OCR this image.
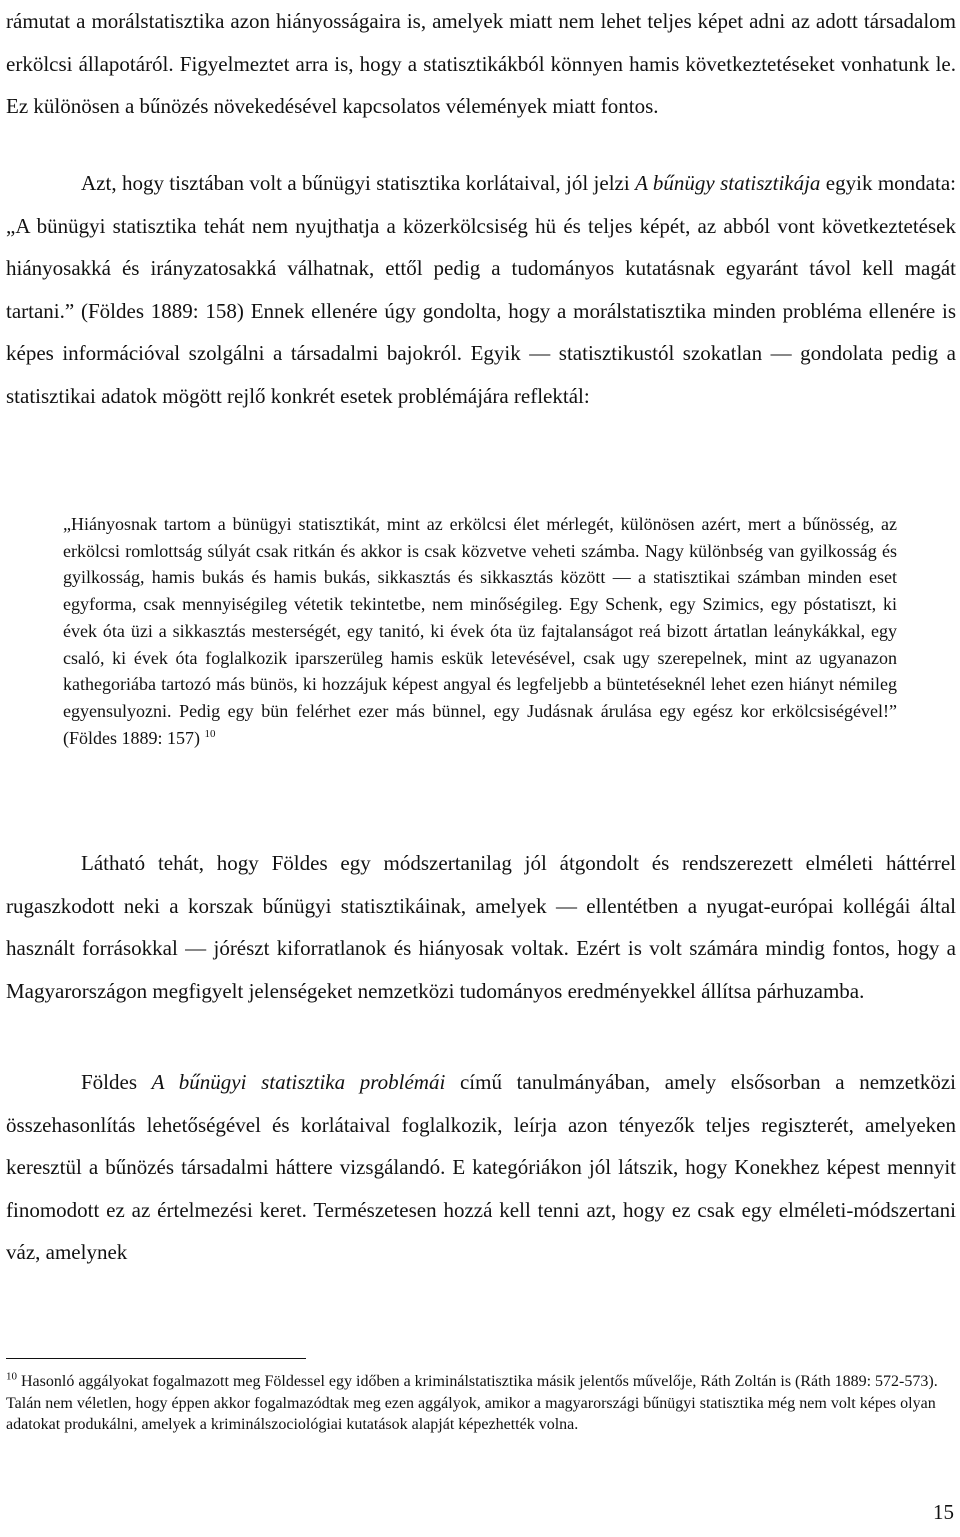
rámutat a morálstatisztika azon hiányosságaira is, amelyek miatt nem lehet teljes képet adni az adott társadalom erkölcsi állapotáról. Figyelmeztet arra is, hogy a statisztikákból könnyen hamis következtetéseket vonhatunk le. Ez különösen a bűnözés növekedésével kapcsolatos vélemények miatt fontos.

Azt, hogy tisztában volt a bűnügyi statisztika korlátaival, jól jelzi A bűnügy statisztikája egyik mondata: „A bünügyi statisztika tehát nem nyujthatja a közerkölcsiség hü és teljes képét, az abból vont következtetések hiányosakká és irányzatosakká válhatnak, ettől pedig a tudományos kutatásnak egyaránt távol kell magát tartani.” (Földes 1889: 158) Ennek ellenére úgy gondolta, hogy a morálstatisztika minden probléma ellenére is képes információval szolgálni a társadalmi bajokról. Egyik — statisztikustól szokatlan — gondolata pedig a statisztikai adatok mögött rejlő konkrét esetek problémájára reflektál:

„Hiányosnak tartom a bünügyi statisztikát, mint az erkölcsi élet mérlegét, különösen azért, mert a bűnösség, az erkölcsi romlottság súlyát csak ritkán és akkor is csak közvetve veheti számba. Nagy különbség van gyilkosság és gyilkosság, hamis bukás és hamis bukás, sikkasztás és sikkasztás között — a statisztikai számban minden eset egyforma, csak mennyiségileg vétetik tekintetbe, nem minőségileg. Egy Schenk, egy Szimics, egy póstatiszt, ki évek óta üzi a sikkasztás mesterségét, egy tanitó, ki évek óta üz fajtalanságot reá bizott ártatlan leánykákkal, egy csaló, ki évek óta foglalkozik iparszerüleg hamis eskük letevésével, csak ugy szerepelnek, mint az ugyanazon kathegoriába tartozó más bünös, ki hozzájuk képest angyal és legfeljebb a büntetéseknél lehet ezen hiányt némileg egyensulyozni. Pedig egy bün felérhet ezer más bünnel, egy Judásnak árulása egy egész kor erkölcsiségével!” (Földes 1889: 157) $^{10}$

Látható tehát, hogy Földes egy módszertanilag jól átgondolt és rendszerezett elméleti háttérrel rugaszkodott neki a korszak bűnügyi statisztikáinak, amelyek — ellentétben a nyugat-európai kollégái által használt forrásokkal — jórészt kiforratlanok és hiányosak voltak. Ezért is volt számára mindig fontos, hogy a Magyarországon megfigyelt jelenségeket nemzetközi tudományos eredményekkel állítsa párhuzamba.

Földes A bűnügyi statisztika problémái című tanulmányában, amely elsősorban a nemzetközi összehasonlítás lehetőségével és korlátaival foglalkozik, leírja azon tényezők teljes regiszterét, amelyeken keresztül a bűnözés társadalmi háttere vizsgálandó. E kategóriákon jól látszik, hogy Konekhez képest mennyit finomodott ez az értelmezési keret. Természetesen hozzá kell tenni azt, hogy ez csak egy elméleti-módszertani váz, amelynek

$^{10}$ Hasonló aggályokat fogalmazott meg Földessel egy időben a kriminálstatisztika másik jelentős művelője, Ráth Zoltán is (Ráth 1889: 572-573). Talán nem véletlen, hogy éppen akkor fogalmazódtak meg ezen aggályok, amikor a magyarországi bűnügyi statisztika még nem volt képes olyan adatokat produkálni, amelyek a kriminálszociológiai kutatások alapját képezhették volna.

15
